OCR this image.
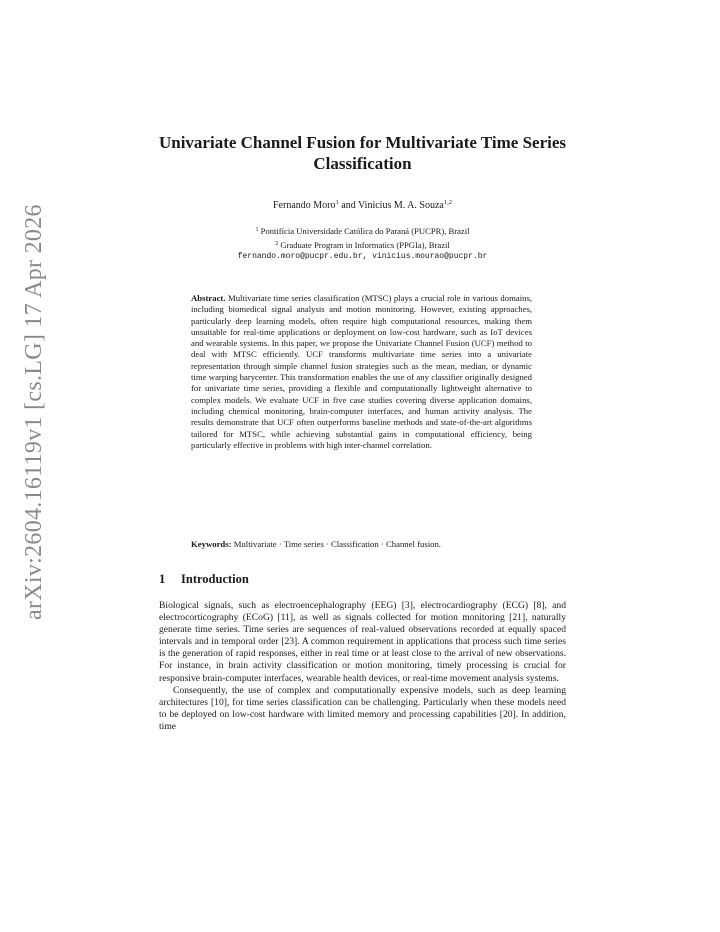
arXiv:2604.16119v1 [cs.LG] 17 Apr 2026
Univariate Channel Fusion for Multivariate Time Series Classification
Fernando Moro$^1$ and Vinicius M. A. Souza$^{1,2}$
$^1$ Pontifícia Universidade Católica do Paraná (PUCPR), Brazil
$^2$ Graduate Program in Informatics (PPGIa), Brazil
fernando.moro@pucpr.edu.br, vinicius.mourao@pucpr.br
Abstract. Multivariate time series classification (MTSC) plays a crucial role in various domains, including biomedical signal analysis and motion monitoring. However, existing approaches, particularly deep learning models, often require high computational resources, making them unsuitable for real-time applications or deployment on low-cost hardware, such as IoT devices and wearable systems. In this paper, we propose the Univariate Channel Fusion (UCF) method to deal with MTSC efficiently. UCF transforms multivariate time series into a univariate representation through simple channel fusion strategies such as the mean, median, or dynamic time warping barycenter. This transformation enables the use of any classifier originally designed for univariate time series, providing a flexible and computationally lightweight alternative to complex models. We evaluate UCF in five case studies covering diverse application domains, including chemical monitoring, brain-computer interfaces, and human activity analysis. The results demonstrate that UCF often outperforms baseline methods and state-of-the-art algorithms tailored for MTSC, while achieving substantial gains in computational efficiency, being particularly effective in problems with high inter-channel correlation.
Keywords: Multivariate · Time series · Classification · Channel fusion.
1 Introduction

Biological signals, such as electroencephalography (EEG) [3], electrocardiography (ECG) [8], and electrocorticography (ECoG) [11], as well as signals collected for motion monitoring [21], naturally generate time series. Time series are sequences of real-valued observations recorded at equally spaced intervals and in temporal order [23]. A common requirement in applications that process such time series is the generation of rapid responses, either in real time or at least close to the arrival of new observations. For instance, in brain activity classification or motion monitoring, timely processing is crucial for responsive brain-computer interfaces, wearable health devices, or real-time movement analysis systems.

Consequently, the use of complex and computationally expensive models, such as deep learning architectures [10], for time series classification can be challenging. Particularly when these models need to be deployed on low-cost hardware with limited memory and processing capabilities [20]. In addition, time
